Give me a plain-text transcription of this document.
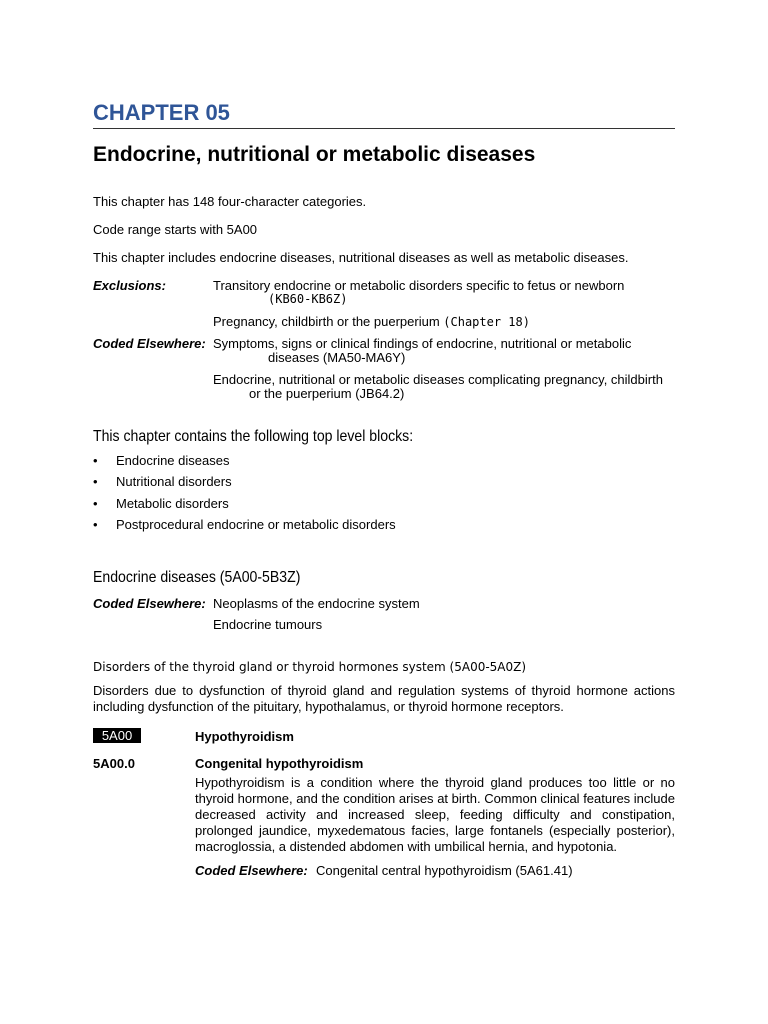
CHAPTER 05
Endocrine, nutritional or metabolic diseases
This chapter has 148 four-character categories.
Code range starts with 5A00
This chapter includes endocrine diseases, nutritional diseases as well as metabolic diseases.
Exclusions:	Transitory endocrine or metabolic disorders specific to fetus or newborn
(KB60-KB6Z)
Pregnancy, childbirth or the puerperium (Chapter 18)
Coded Elsewhere: Symptoms, signs or clinical findings of endocrine, nutritional or metabolic
diseases (MA50-MA6Y)
Endocrine, nutritional or metabolic diseases complicating pregnancy, childbirth
or the puerperium (JB64.2)
This chapter contains the following top level blocks:
• Endocrine diseases
• Nutritional disorders
• Metabolic disorders
• Postprocedural endocrine or metabolic disorders
Endocrine diseases (5A00-5B3Z)
Coded Elsewhere: Neoplasms of the endocrine system
Endocrine tumours
Disorders of the thyroid gland or thyroid hormones system (5A00-5A0Z)
Disorders due to dysfunction of thyroid gland and regulation systems of thyroid hormone actions including dysfunction of the pituitary, hypothalamus, or thyroid hormone receptors.
5A00	Hypothyroidism
5A00.0	Congenital hypothyroidism
Hypothyroidism is a condition where the thyroid gland produces too little or no thyroid hormone, and the condition arises at birth. Common clinical features include decreased activity and increased sleep, feeding difficulty and constipation, prolonged jaundice, myxedematous facies, large fontanels (especially posterior), macroglossia, a distended abdomen with umbilical hernia, and hypotonia.
Coded Elsewhere: Congenital central hypothyroidism (5A61.41)
